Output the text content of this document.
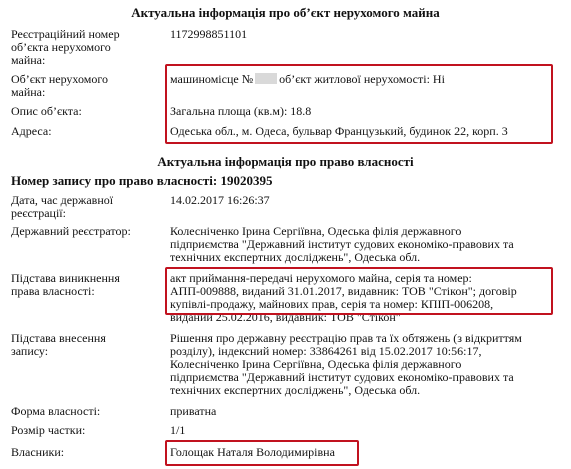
Актуальна інформація про об’єкт нерухомого майна
Реєстраційний номер
об’єкта нерухомого
майна:
1172998851101
Об’єкт нерухомого
майна:
машиномісце № об’єкт житлової нерухомості: Ні
Опис об’єкта:	Загальна площа (кв.м): 18.8
Адреса:	Одеська обл., м. Одеса, бульвар Французький, будинок 22, корп. 3
Актуальна інформація про право власності
Номер запису про право власності: 19020395
Дата, час державної
реєстрації:
14.02.2017 16:26:37
Державний реєстратор:	Колесніченко Ірина Сергіївна, Одеська філія державного
підприємства "Державний інститут судових економіко-правових та
технічних експертних досліджень", Одеська обл.
Підстава виникнення
права власності:
акт приймання-передачі нерухомого майна, серія та номер:
АПП-009888, виданий 31.01.2017, видавник: ТОВ "Стікон"; договір
купівлі-продажу, майнових прав, серія та номер: КПІП-006208,
виданий 25.02.2016, видавник: ТОВ "Стікон"
Підстава внесення
запису:
Рішення про державну реєстрацію прав та їх обтяжень (з відкриттям
розділу), індексний номер: 33864261 від 15.02.2017 10:56:17,
Колесніченко Ірина Сергіївна, Одеська філія державного
підприємства "Державний інститут судових економіко-правових та
технічних експертних досліджень", Одеська обл.
Форма власності:	приватна
Розмір частки:	1/1
Власники:	Голощак Наталя Володимирівна
